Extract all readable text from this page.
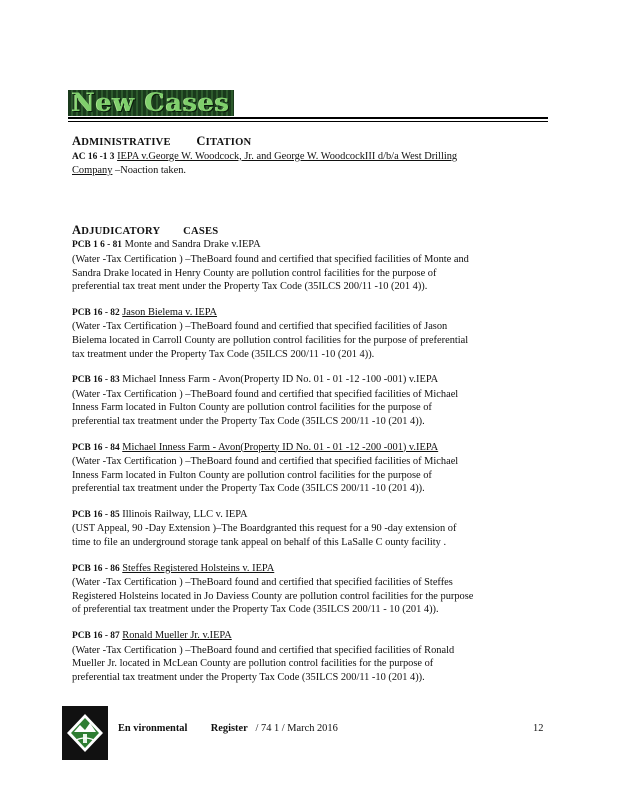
New Cases

ADMINISTRATIVE CITATION

AC 16 -1 3 IEPA v.George W. Woodcock, Jr. and George W. WoodcockIII d/b/a West Drilling

Company –Noaction taken.

ADJUDICATORY CASES

PCB 1 6 - 81 Monte and Sandra Drake v.IEPA

(Water -Tax Certification ) –TheBoard found and certified that specified facilities of Monte and

Sandra Drake located in Henry County are pollution control facilities for the purpose of

preferential tax treat ment under the Property Tax Code (35ILCS 200/11 -10 (201 4)).

PCB 16 - 82 Jason Bielema v. IEPA

(Water -Tax Certification ) –TheBoard found and certified that specified facilities of Jason

Bielema located in Carroll County are pollution control facilities for the purpose of preferential

tax treatment under the Property Tax Code (35ILCS 200/11 -10 (201 4)).

PCB 16 - 83 Michael Inness Farm - Avon(Property ID No. 01 - 01 -12 -100 -001) v.IEPA

(Water -Tax Certification ) –TheBoard found and certified that specified facilities of Michael

Inness Farm located in Fulton County are pollution control facilities for the purpose of

preferential tax treatment under the Property Tax Code (35ILCS 200/11 -10 (201 4)).

PCB 16 - 84 Michael Inness Farm - Avon(Property ID No. 01 - 01 -12 -200 -001) v.IEPA

(Water -Tax Certification ) –TheBoard found and certified that specified facilities of Michael

Inness Farm located in Fulton County are pollution control facilities for the purpose of

preferential tax treatment under the Property Tax Code (35ILCS 200/11 -10 (201 4)).

PCB 16 - 85 Illinois Railway, LLC v. IEPA

(UST Appeal, 90 -Day Extension )–The Boardgranted this request for a 90 -day extension of

time to file an underground storage tank appeal on behalf of this LaSalle C ounty facility .

PCB 16 - 86 Steffes Registered Holsteins v. IEPA

(Water -Tax Certification ) –TheBoard found and certified that specified facilities of Steffes

Registered Holsteins located in Jo Daviess County are pollution control facilities for the purpose

of preferential tax treatment under the Property Tax Code (35ILCS 200/11 - 10 (201 4)).

PCB 16 - 87 Ronald Mueller Jr. v.IEPA

(Water -Tax Certification ) –TheBoard found and certified that specified facilities of Ronald

Mueller Jr. located in McLean County are pollution control facilities for the purpose of

preferential tax treatment under the Property Tax Code (35ILCS 200/11 -10 (201 4)).

En vironmental Register / 74 1 / March 2016	12
